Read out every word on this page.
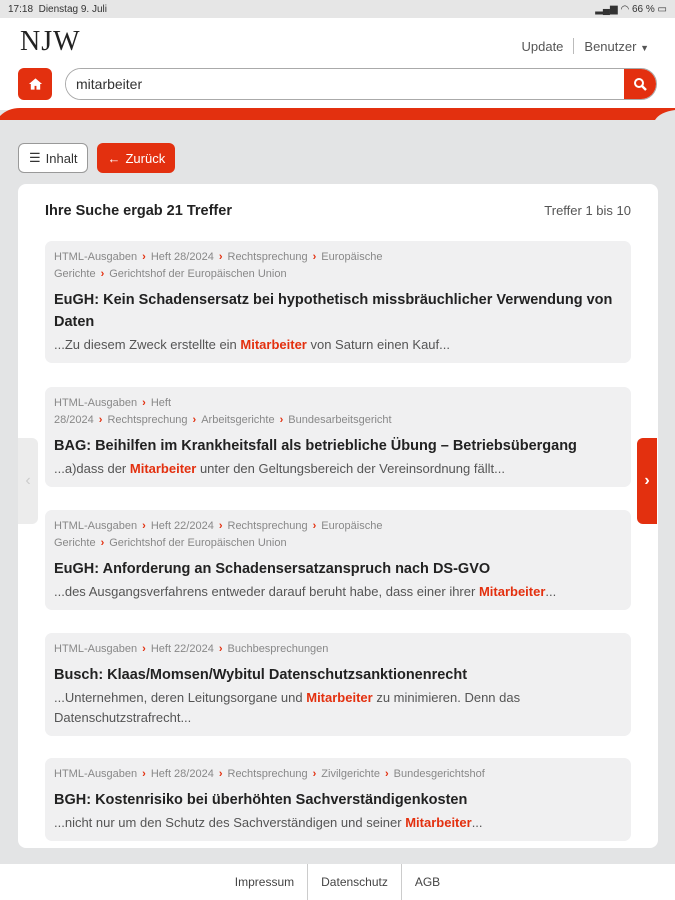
17:18 Dienstag 9. Juli	▂▄▆ ◠ 66 % ▭
NJW	Update Benutzer ▼
mitarbeiter
☰ Inhalt ← Zurück
Ihre Suche ergab 21 Treffer	Treffer 1 bis 10
HTML-Ausgaben › Heft 28/2024 › Rechtsprechung › Europäische Gerichte › Gerichtshof der Europäischen Union
EuGH: Kein Schadensersatz bei hypothetisch missbräuchlicher Verwendung von Daten
...Zu diesem Zweck erstellte ein Mitarbeiter von Saturn einen Kauf...
HTML-Ausgaben › Heft 28/2024 › Rechtsprechung › Arbeitsgerichte › Bundesarbeitsgericht
BAG: Beihilfen im Krankheitsfall als betriebliche Übung – Betriebsübergang
...a)dass der Mitarbeiter unter den Geltungsbereich der Vereinsordnung fällt...
HTML-Ausgaben › Heft 22/2024 › Rechtsprechung › Europäische Gerichte › Gerichtshof der Europäischen Union
EuGH: Anforderung an Schadensersatzanspruch nach DS-GVO
...des Ausgangsverfahrens entweder darauf beruht habe, dass einer ihrer Mitarbeiter...
HTML-Ausgaben › Heft 22/2024 › Buchbesprechungen
Busch: Klaas/Momsen/Wybitul Datenschutzsanktionenrecht
...Unternehmen, deren Leitungsorgane und Mitarbeiter zu minimieren. Denn das Datenschutzstrafrecht...
HTML-Ausgaben › Heft 28/2024 › Rechtsprechung › Zivilgerichte › Bundesgerichtshof
BGH: Kostenrisiko bei überhöhten Sachverständigenkosten
...nicht nur um den Schutz des Sachverständigen und seiner Mitarbeiter...
‹	›
Impressum	Datenschutz	AGB
